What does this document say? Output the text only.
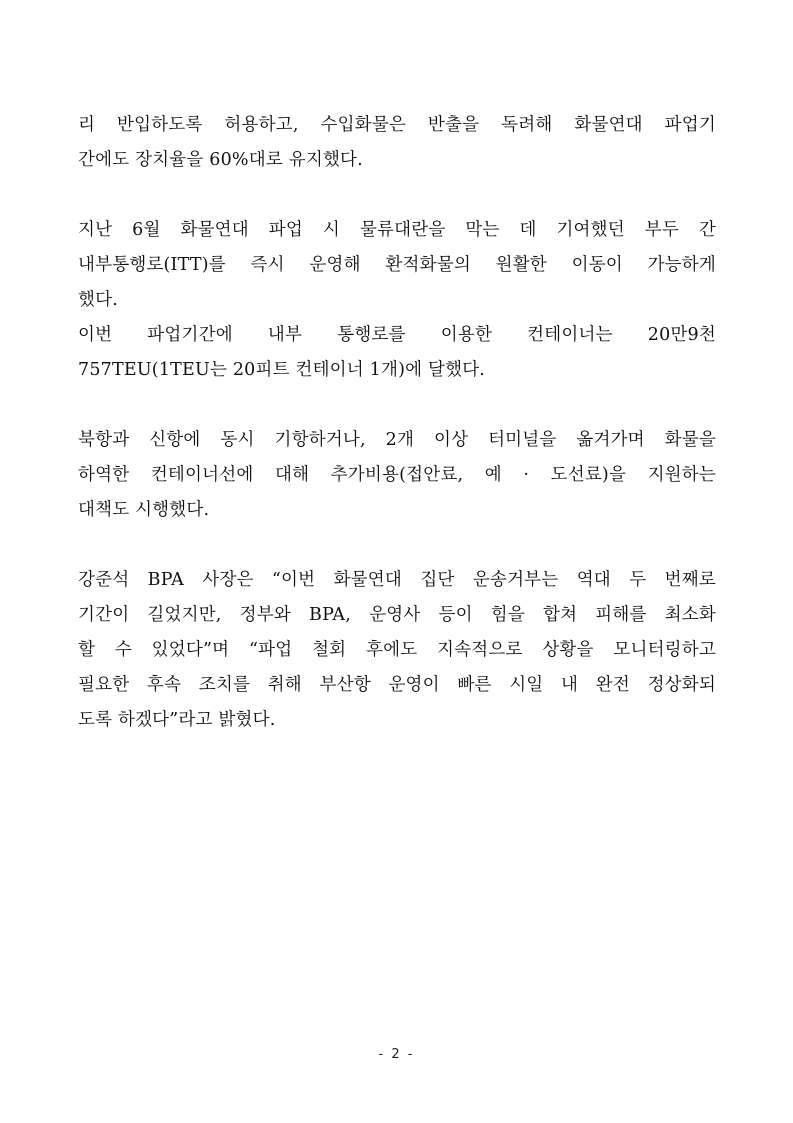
리 반입하도록 허용하고, 수입화물은 반출을 독려해 화물연대 파업기
간에도 장치율을 60%대로 유지했다.
지난 6월 화물연대 파업 시 물류대란을 막는 데 기여했던 부두 간
내부통행로(ITT)를 즉시 운영해 환적화물의 원활한 이동이 가능하게
했다.
이번 파업기간에 내부 통행로를 이용한 컨테이너는 20만9천
757TEU(1TEU는 20피트 컨테이너 1개)에 달했다.
북항과 신항에 동시 기항하거나, 2개 이상 터미널을 옮겨가며 화물을
하역한 컨테이너선에 대해 추가비용(접안료, 예 · 도선료)을 지원하는
대책도 시행했다.
강준석 BPA 사장은 “이번 화물연대 집단 운송거부는 역대 두 번째로
기간이 길었지만, 정부와 BPA, 운영사 등이 힘을 합쳐 피해를 최소화
할 수 있었다”며 “파업 철회 후에도 지속적으로 상황을 모니터링하고
필요한 후속 조치를 취해 부산항 운영이 빠른 시일 내 완전 정상화되
도록 하겠다”라고 밝혔다.
- 2 -
